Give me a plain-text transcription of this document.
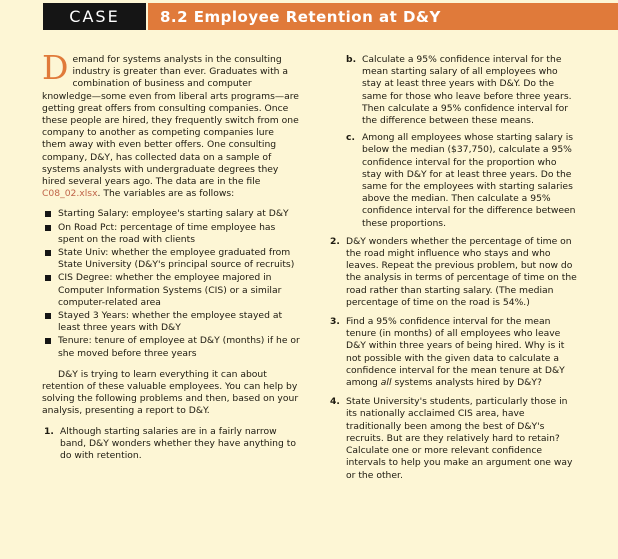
CASE	8.2 Employee Retention at D&Y

Demand for systems analysts in the consulting industry is greater than ever. Graduates with a combination of business and computer knowledge—some even from liberal arts programs—are getting great offers from consulting companies. Once these people are hired, they frequently switch from one company to another as competing companies lure them away with even better offers. One consulting company, D&Y, has collected data on a sample of systems analysts with undergraduate degrees they hired several years ago. The data are in the file C08_02.xlsx. The variables are as follows:

Starting Salary: employee's starting salary at D&Y
On Road Pct: percentage of time employee has spent on the road with clients
State Univ: whether the employee graduated from State University (D&Y's principal source of recruits)
CIS Degree: whether the employee majored in Computer Information Systems (CIS) or a similar computer-related area
Stayed 3 Years: whether the employee stayed at least three years with D&Y
Tenure: tenure of employee at D&Y (months) if he or she moved before three years

D&Y is trying to learn everything it can about retention of these valuable employees. You can help by solving the following problems and then, based on your analysis, presenting a report to D&Y.

1. Although starting salaries are in a fairly narrow band, D&Y wonders whether they have anything to do with retention.
b. Calculate a 95% confidence interval for the mean starting salary of all employees who stay at least three years with D&Y. Do the same for those who leave before three years. Then calculate a 95% confidence interval for the difference between these means.
c. Among all employees whose starting salary is below the median ($37,750), calculate a 95% confidence interval for the proportion who stay with D&Y for at least three years. Do the same for the employees with starting salaries above the median. Then calculate a 95% confidence interval for the difference between these proportions.
2. D&Y wonders whether the percentage of time on the road might influence who stays and who leaves. Repeat the previous problem, but now do the analysis in terms of percentage of time on the road rather than starting salary. (The median percentage of time on the road is 54%.)
3. Find a 95% confidence interval for the mean tenure (in months) of all employees who leave D&Y within three years of being hired. Why is it not possible with the given data to calculate a confidence interval for the mean tenure at D&Y among all systems analysts hired by D&Y?
4. State University's students, particularly those in its nationally acclaimed CIS area, have traditionally been among the best of D&Y's recruits. But are they relatively hard to retain? Calculate one or more relevant confidence intervals to help you make an argument one way or the other.
